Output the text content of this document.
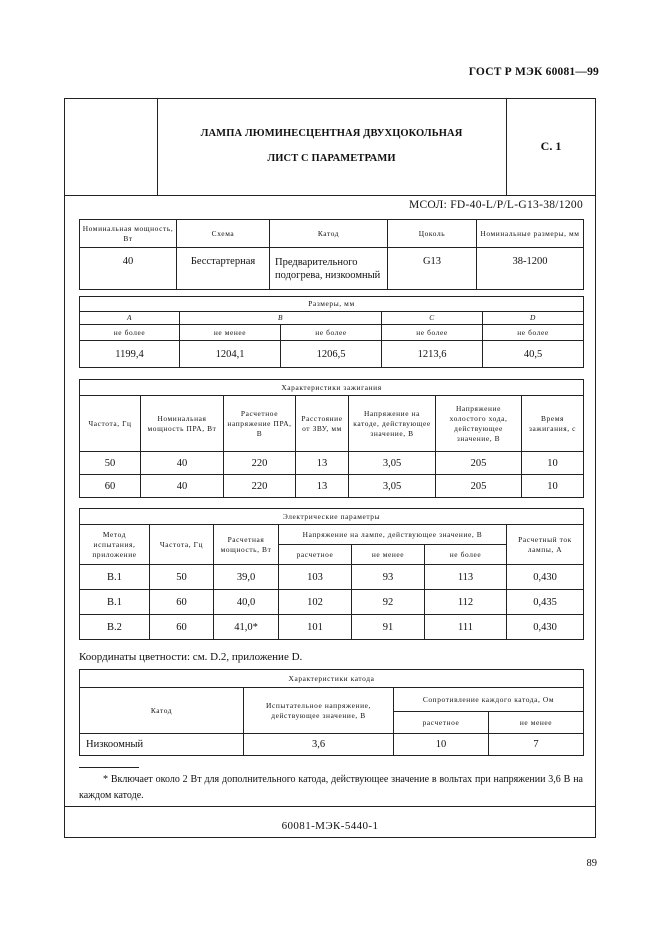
ГОСТ Р МЭК 60081—99
ЛАМПА ЛЮМИНЕСЦЕНТНАЯ ДВУХЦОКОЛЬНАЯ
ЛИСТ С ПАРАМЕТРАМИ
С. 1
МСОЛ: FD-40-L/P/L-G13-38/1200
Номинальная мощность, Вт	Схема	Катод	Цоколь	Номинальные размеры, мм
40	Бесстартерная	Предварительного подогрева, низкоомный	G13	38-1200
Размеры, мм				
A	B		C	D
не более	не менее	не более	не более	не более
1199,4	1204,1	1206,5	1213,6	40,5
Характеристики зажигания						
Частота, Гц	Номинальная мощность ПРА, Вт	Расчетное напряжение ПРА, В	Расстояние от ЗВУ, мм	Напряжение на катоде, действующее значение, В	Напряжение холостого хода, действующее значение, В	Время зажигания, с
50	40	220	13	3,05	205	10
60	40	220	13	3,05	205	10
Электрические параметры						
Метод испытания, приложение	Частота, Гц	Расчетная мощность, Вт	Напряжение на лампе, действующее значение, В			Расчетный ток лампы, А
			расчетное	не менее	не более	
B.1	50	39,0	103	93	113	0,430
B.1	60	40,0	102	92	112	0,435
B.2	60	41,0*	101	91	111	0,430
Координаты цветности: см. D.2, приложение D.
Характеристики катода			
Катод	Испытательное напряжение, действующее значение, В	Сопротивление каждого катода, Ом	
		расчетное	не менее
Низкоомный	3,6	10	7
* Включает около 2 Вт для дополнительного катода, действующее значение в вольтах при напряжении 3,6 В на каждом катоде.
60081-МЭК-5440-1
89
